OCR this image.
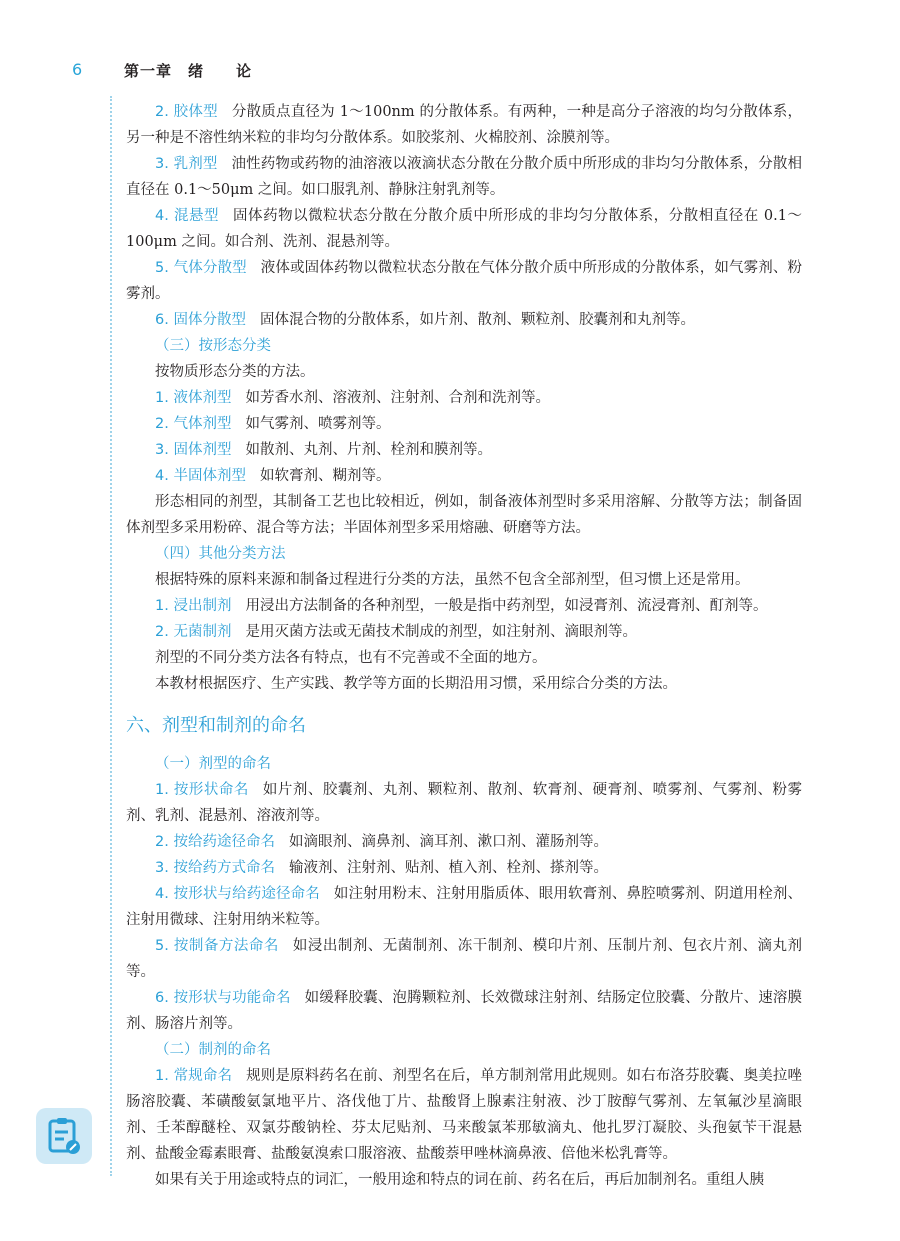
6	第一章　绪　　论

2. 胶体型 分散质点直径为 1～100nm 的分散体系。有两种，一种是高分子溶液的均匀分散体系，另一种是不溶性纳米粒的非均匀分散体系。如胶浆剂、火棉胶剂、涂膜剂等。

3. 乳剂型 油性药物或药物的油溶液以液滴状态分散在分散介质中所形成的非均匀分散体系，分散相直径在 0.1～50μm 之间。如口服乳剂、静脉注射乳剂等。

4. 混悬型 固体药物以微粒状态分散在分散介质中所形成的非均匀分散体系，分散相直径在 0.1～100μm 之间。如合剂、洗剂、混悬剂等。

5. 气体分散型 液体或固体药物以微粒状态分散在气体分散介质中所形成的分散体系，如气雾剂、粉雾剂。

6. 固体分散型 固体混合物的分散体系，如片剂、散剂、颗粒剂、胶囊剂和丸剂等。

（三）按形态分类

按物质形态分类的方法。

1. 液体剂型 如芳香水剂、溶液剂、注射剂、合剂和洗剂等。

2. 气体剂型 如气雾剂、喷雾剂等。

3. 固体剂型 如散剂、丸剂、片剂、栓剂和膜剂等。

4. 半固体剂型 如软膏剂、糊剂等。

形态相同的剂型，其制备工艺也比较相近，例如，制备液体剂型时多采用溶解、分散等方法；制备固体剂型多采用粉碎、混合等方法；半固体剂型多采用熔融、研磨等方法。

（四）其他分类方法

根据特殊的原料来源和制备过程进行分类的方法，虽然不包含全部剂型，但习惯上还是常用。

1. 浸出制剂 用浸出方法制备的各种剂型，一般是指中药剂型，如浸膏剂、流浸膏剂、酊剂等。

2. 无菌制剂 是用灭菌方法或无菌技术制成的剂型，如注射剂、滴眼剂等。

剂型的不同分类方法各有特点，也有不完善或不全面的地方。

本教材根据医疗、生产实践、教学等方面的长期沿用习惯，采用综合分类的方法。

六、剂型和制剂的命名
（一）剂型的命名

1. 按形状命名 如片剂、胶囊剂、丸剂、颗粒剂、散剂、软膏剂、硬膏剂、喷雾剂、气雾剂、粉雾剂、乳剂、混悬剂、溶液剂等。

2. 按给药途径命名 如滴眼剂、滴鼻剂、滴耳剂、漱口剂、灌肠剂等。

3. 按给药方式命名 输液剂、注射剂、贴剂、植入剂、栓剂、搽剂等。

4. 按形状与给药途径命名 如注射用粉末、注射用脂质体、眼用软膏剂、鼻腔喷雾剂、阴道用栓剂、注射用微球、注射用纳米粒等。

5. 按制备方法命名 如浸出制剂、无菌制剂、冻干制剂、模印片剂、压制片剂、包衣片剂、滴丸剂等。

6. 按形状与功能命名 如缓释胶囊、泡腾颗粒剂、长效微球注射剂、结肠定位胶囊、分散片、速溶膜剂、肠溶片剂等。

（二）制剂的命名

1. 常规命名 规则是原料药名在前、剂型名在后，单方制剂常用此规则。如右布洛芬胶囊、奥美拉唑肠溶胶囊、苯磺酸氨氯地平片、洛伐他丁片、盐酸肾上腺素注射液、沙丁胺醇气雾剂、左氧氟沙星滴眼剂、壬苯醇醚栓、双氯芬酸钠栓、芬太尼贴剂、马来酸氯苯那敏滴丸、他扎罗汀凝胶、头孢氨苄干混悬剂、盐酸金霉素眼膏、盐酸氨溴索口服溶液、盐酸萘甲唑林滴鼻液、倍他米松乳膏等。

如果有关于用途或特点的词汇，一般用途和特点的词在前、药名在后，再后加制剂名。重组人胰
